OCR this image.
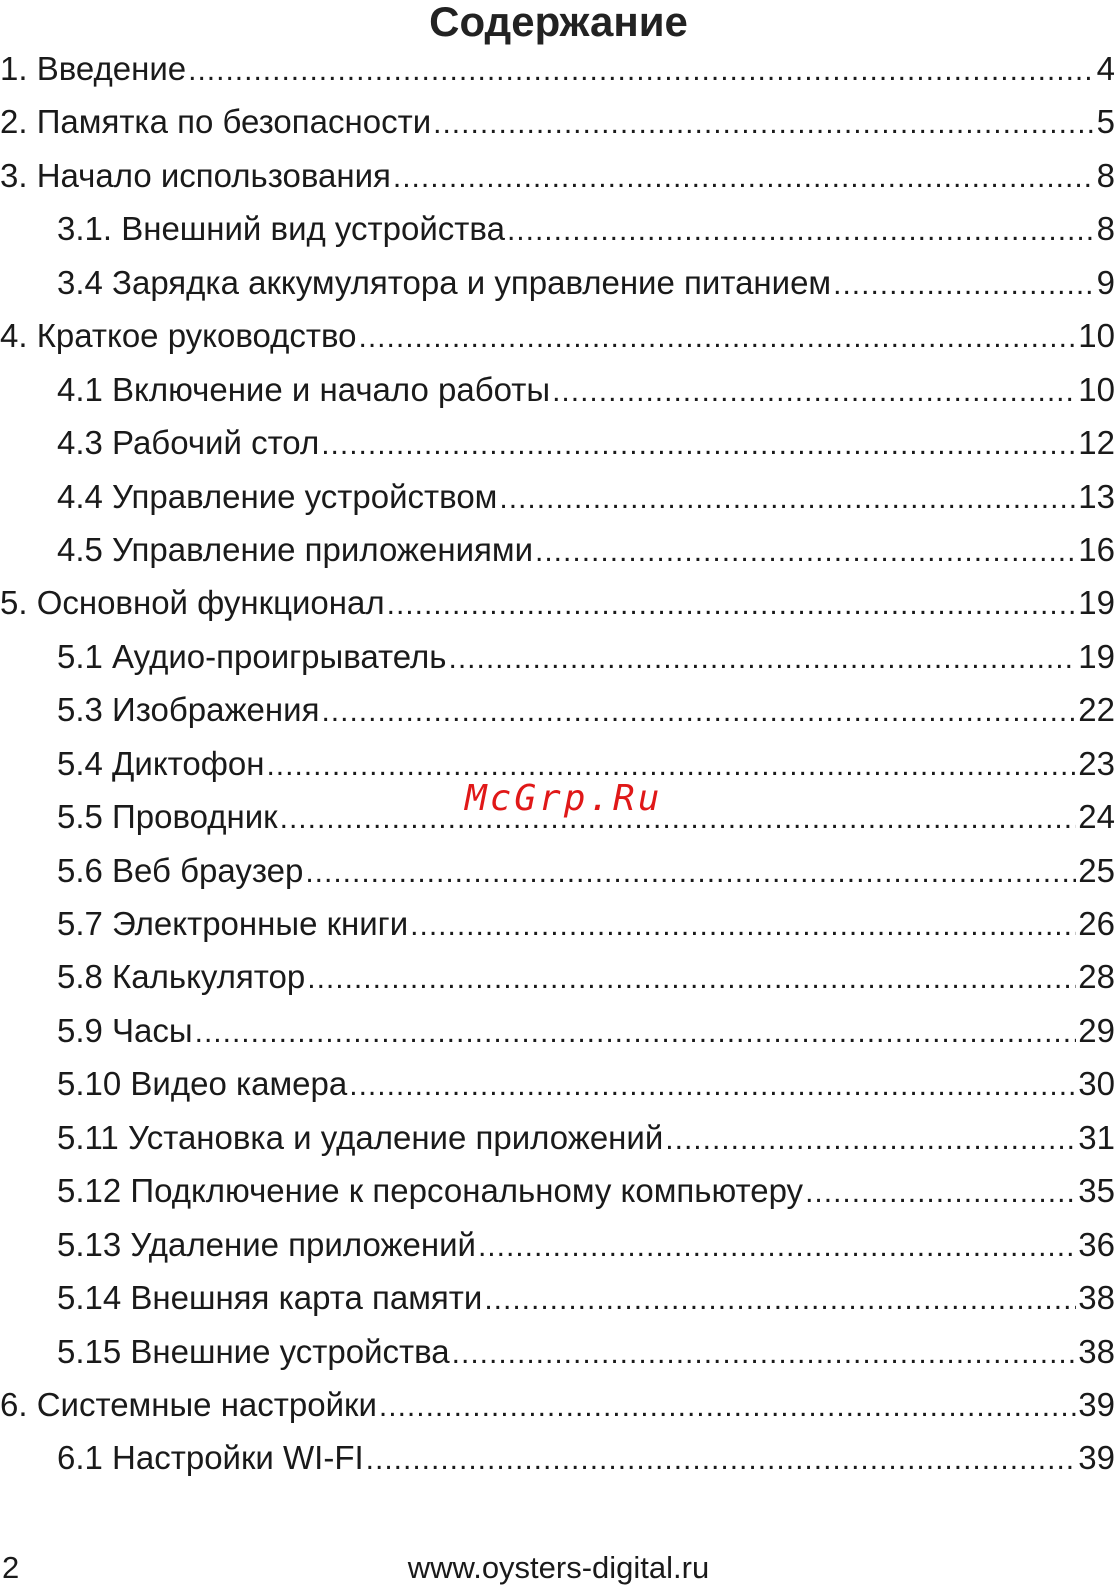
Содержание
1. Введение .....	4
2. Памятка по безопасности .....	5
3. Начало использования .....	8
3.1. Внешний вид устройства .....	8
3.4 Зарядка аккумулятора и управление питанием .....	9
4. Краткое руководство .....	10
4.1 Включение и начало работы .....	10
4.3 Рабочий стол .....	12
4.4 Управление устройством .....	13
4.5 Управление приложениями .....	16
5. Основной функционал .....	19
5.1 Аудио-проигрыватель .....	19
5.3 Изображения .....	22
5.4 Диктофон .....	23
5.5 Проводник .....	24
5.6 Веб браузер .....	25
5.7 Электронные книги .....	26
5.8 Калькулятор .....	28
5.9 Часы .....	29
5.10 Видео камера .....	30
5.11 Установка и удаление приложений .....	31
5.12 Подключение к персональному компьютеру .....	35
5.13 Удаление приложений .....	36
5.14 Внешняя карта памяти .....	38
5.15 Внешние устройства .....	38
6. Системные настройки .....	39
6.1 Настройки WI-FI .....	39
McGrp.Ru
2	www.oysters-digital.ru
